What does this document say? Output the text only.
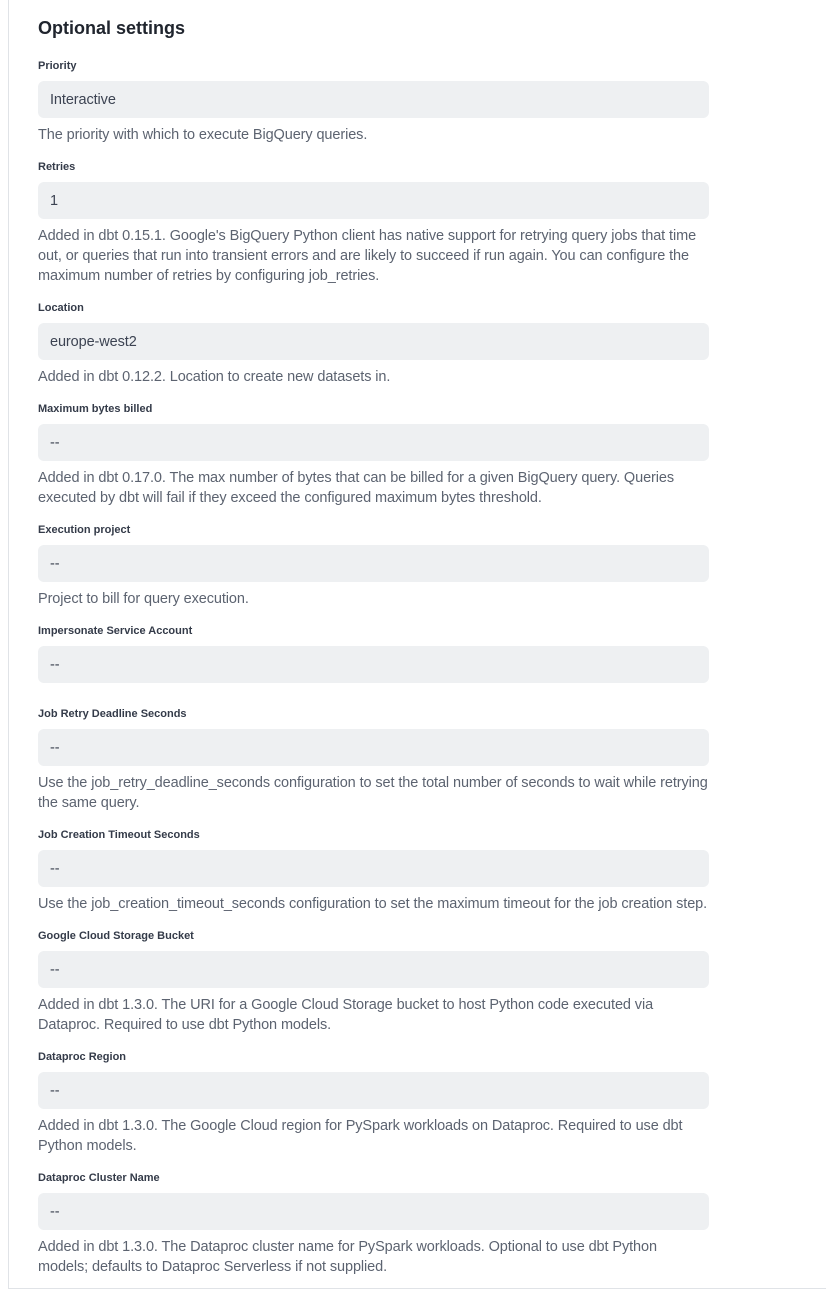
Optional settings
Priority
Interactive

The priority with which to execute BigQuery queries.

Retries
1

Added in dbt 0.15.1. Google's BigQuery Python client has native support for retrying query jobs that time out, or queries that run into transient errors and are likely to succeed if run again. You can configure the maximum number of retries by configuring job_retries.

Location
europe-west2

Added in dbt 0.12.2. Location to create new datasets in.

Maximum bytes billed
--

Added in dbt 0.17.0. The max number of bytes that can be billed for a given BigQuery query. Queries executed by dbt will fail if they exceed the configured maximum bytes threshold.

Execution project
--

Project to bill for query execution.

Impersonate Service Account
--
Job Retry Deadline Seconds
--

Use the job_retry_deadline_seconds configuration to set the total number of seconds to wait while retrying the same query.

Job Creation Timeout Seconds
--

Use the job_creation_timeout_seconds configuration to set the maximum timeout for the job creation step.

Google Cloud Storage Bucket
--

Added in dbt 1.3.0. The URI for a Google Cloud Storage bucket to host Python code executed via Dataproc. Required to use dbt Python models.

Dataproc Region
--

Added in dbt 1.3.0. The Google Cloud region for PySpark workloads on Dataproc. Required to use dbt Python models.

Dataproc Cluster Name
--

Added in dbt 1.3.0. The Dataproc cluster name for PySpark workloads. Optional to use dbt Python models; defaults to Dataproc Serverless if not supplied.
